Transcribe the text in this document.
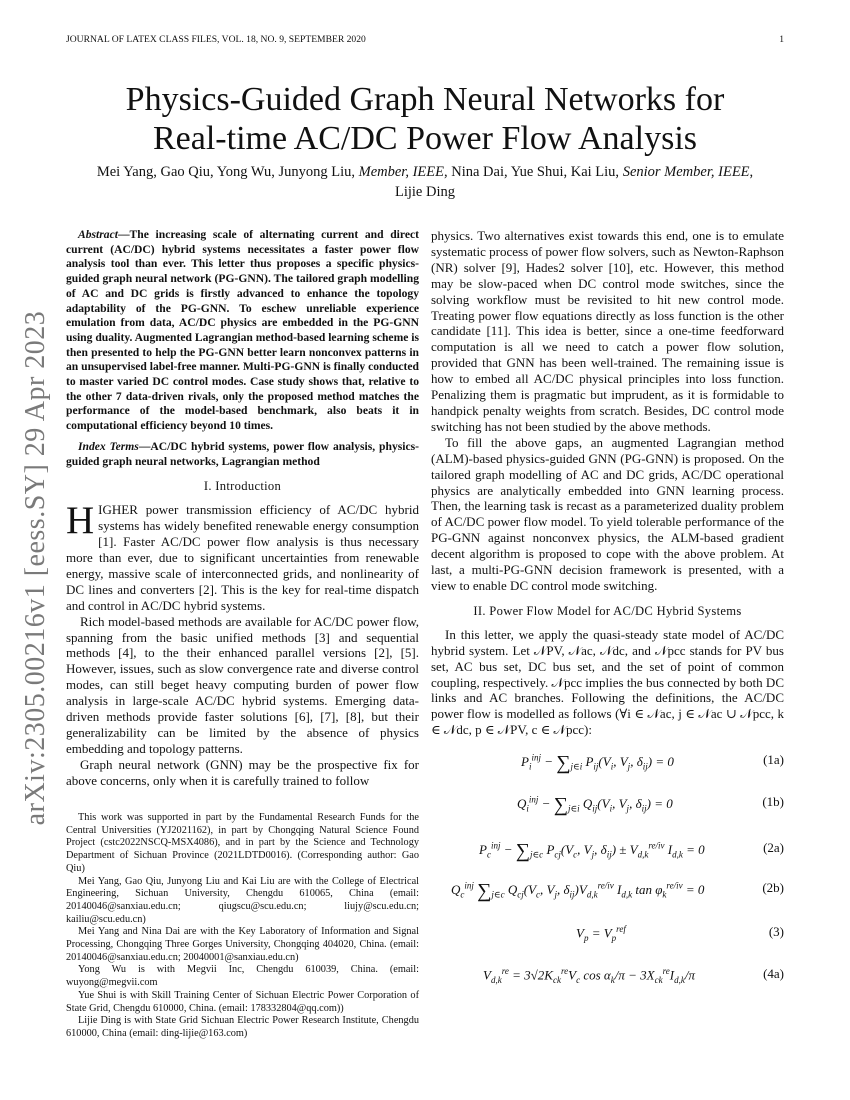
JOURNAL OF LATEX CLASS FILES, VOL. 18, NO. 9, SEPTEMBER 2020	1
arXiv:2305.00216v1 [eess.SY] 29 Apr 2023
Physics-Guided Graph Neural Networks for
Real-time AC/DC Power Flow Analysis
Mei Yang, Gao Qiu, Yong Wu, Junyong Liu, Member, IEEE, Nina Dai, Yue Shui, Kai Liu, Senior Member, IEEE,
Lijie Ding

Abstract—The increasing scale of alternating current and direct current (AC/DC) hybrid systems necessitates a faster power flow analysis tool than ever. This letter thus proposes a specific physics-guided graph neural network (PG-GNN). The tailored graph modelling of AC and DC grids is firstly advanced to enhance the topology adaptability of the PG-GNN. To eschew unreliable experience emulation from data, AC/DC physics are embedded in the PG-GNN using duality. Augmented Lagrangian method-based learning scheme is then presented to help the PG-GNN better learn nonconvex patterns in an unsupervised label-free manner. Multi-PG-GNN is finally conducted to master varied DC control modes. Case study shows that, relative to the other 7 data-driven rivals, only the proposed method matches the performance of the model-based benchmark, also beats it in computational efficiency beyond 10 times.

Index Terms—AC/DC hybrid systems, power flow analysis, physics-guided graph neural networks, Lagrangian method

I. Introduction

HIGHER power transmission efficiency of AC/DC hybrid systems has widely benefited renewable energy consumption [1]. Faster AC/DC power flow analysis is thus necessary more than ever, due to significant uncertainties from renewable energy, massive scale of interconnected grids, and nonlinearity of DC lines and converters [2]. This is the key for real-time dispatch and control in AC/DC hybrid systems.

Rich model-based methods are available for AC/DC power flow, spanning from the basic unified methods [3] and sequential methods [4], to the their enhanced parallel versions [2], [5]. However, issues, such as slow convergence rate and diverse control modes, can still beget heavy computing burden of power flow analysis in large-scale AC/DC hybrid systems. Emerging data-driven methods provide faster solutions [6], [7], [8], but their generalizability can be limited by the absence of physics embedding and topology patterns.

Graph neural network (GNN) may be the prospective fix for above concerns, only when it is carefully trained to follow

This work was supported in part by the Fundamental Research Funds for the Central Universities (YJ2021162), in part by Chongqing Natural Science Found Project (cstc2022NSCQ-MSX4086), and in part by the Science and Technology Department of Sichuan Province (2021LDTD0016). (Corresponding author: Gao Qiu)

Mei Yang, Gao Qiu, Junyong Liu and Kai Liu are with the College of Electrical Engineering, Sichuan University, Chengdu 610065, China (email: 20140046@sanxiau.edu.cn; qiugscu@scu.edu.cn; liujy@scu.edu.cn; kailiu@scu.edu.cn)

Mei Yang and Nina Dai are with the Key Laboratory of Information and Signal Processing, Chongqing Three Gorges University, Chongqing 404020, China. (email: 20140046@sanxiau.edu.cn; 20040001@sanxiau.edu.cn)

Yong Wu is with Megvii Inc, Chengdu 610039, China. (email: wuyong@megvii.com

Yue Shui is with Skill Training Center of Sichuan Electric Power Corporation of State Grid, Chengdu 610000, China. (email: 178332804@qq.com))

Lijie Ding is with State Grid Sichuan Electric Power Research Institute, Chengdu 610000, China (email: ding-lijie@163.com)

physics. Two alternatives exist towards this end, one is to emulate systematic process of power flow solvers, such as Newton-Raphson (NR) solver [9], Hades2 solver [10], etc. However, this method may be slow-paced when DC control mode switches, since the solving workflow must be revisited to hit new control mode. Treating power flow equations directly as loss function is the other candidate [11]. This idea is better, since a one-time feedforward computation is all we need to catch a power flow solution, provided that GNN has been well-trained. The remaining issue is how to embed all AC/DC physical principles into loss function. Penalizing them is pragmatic but imprudent, as it is formidable to handpick penalty weights from scratch. Besides, DC control mode switching has not been studied by the above methods.

To fill the above gaps, an augmented Lagrangian method (ALM)-based physics-guided GNN (PG-GNN) is proposed. On the tailored graph modelling of AC and DC grids, AC/DC operational physics are analytically embedded into GNN learning process. Then, the learning task is recast as a parameterized duality problem of AC/DC power flow model. To yield tolerable performance of the PG-GNN against nonconvex physics, the ALM-based gradient decent algorithm is proposed to cope with the above problem. At last, a multi-PG-GNN decision framework is presented, with a view to enable DC control mode switching.

II. Power Flow Model for AC/DC Hybrid Systems

In this letter, we apply the quasi-steady state model of AC/DC hybrid system. Let 𝒩PV, 𝒩ac, 𝒩dc, and 𝒩pcc stands for PV bus set, AC bus set, DC bus set, and the set of point of common coupling, respectively. 𝒩pcc implies the bus connected by both DC links and AC branches. Following the definitions, the AC/DC power flow is modelled as follows (∀i ∈ 𝒩ac, j ∈ 𝒩ac ∪ 𝒩pcc, k ∈ 𝒩dc, p ∈ 𝒩PV, c ∈ 𝒩pcc):

$P_i^{inj} - \sum_{j\in i}$ $P_{ij}(V_i$, $V_j$, $\delta_{ij}) = 0$	(1a)
$Q_i^{inj} - \sum_{j\in i}$ $Q_{ij}(V_i$, $V_j$, $\delta_{ij}) = 0$	(1b)
$P_c^{inj} - \sum_{j\in c}$ $P_{cj}(V_c$, $V_j$, $\delta_{ij}) \pm V_{d,k}^{re/iv}$ $I_{d,k} = 0$	(2a)
$Q_c^{inj}$ $\sum_{j\in c}$ $Q_{cj}(V_c$, $V_j$, $\delta_{ij})V_{d,k}^{re/iv}$ $I_{d,k}$ $\tan \varphi_k^{re/iv} = 0$	(2b)
$V_p = V_p^{ref}$	(3)
$V_{d,k}re = 3√2K_{ck}^{re}V_c$ $\cos \alpha_k/\pi - 3X_{ck}reI_{d,k}/\pi$	(4a)
